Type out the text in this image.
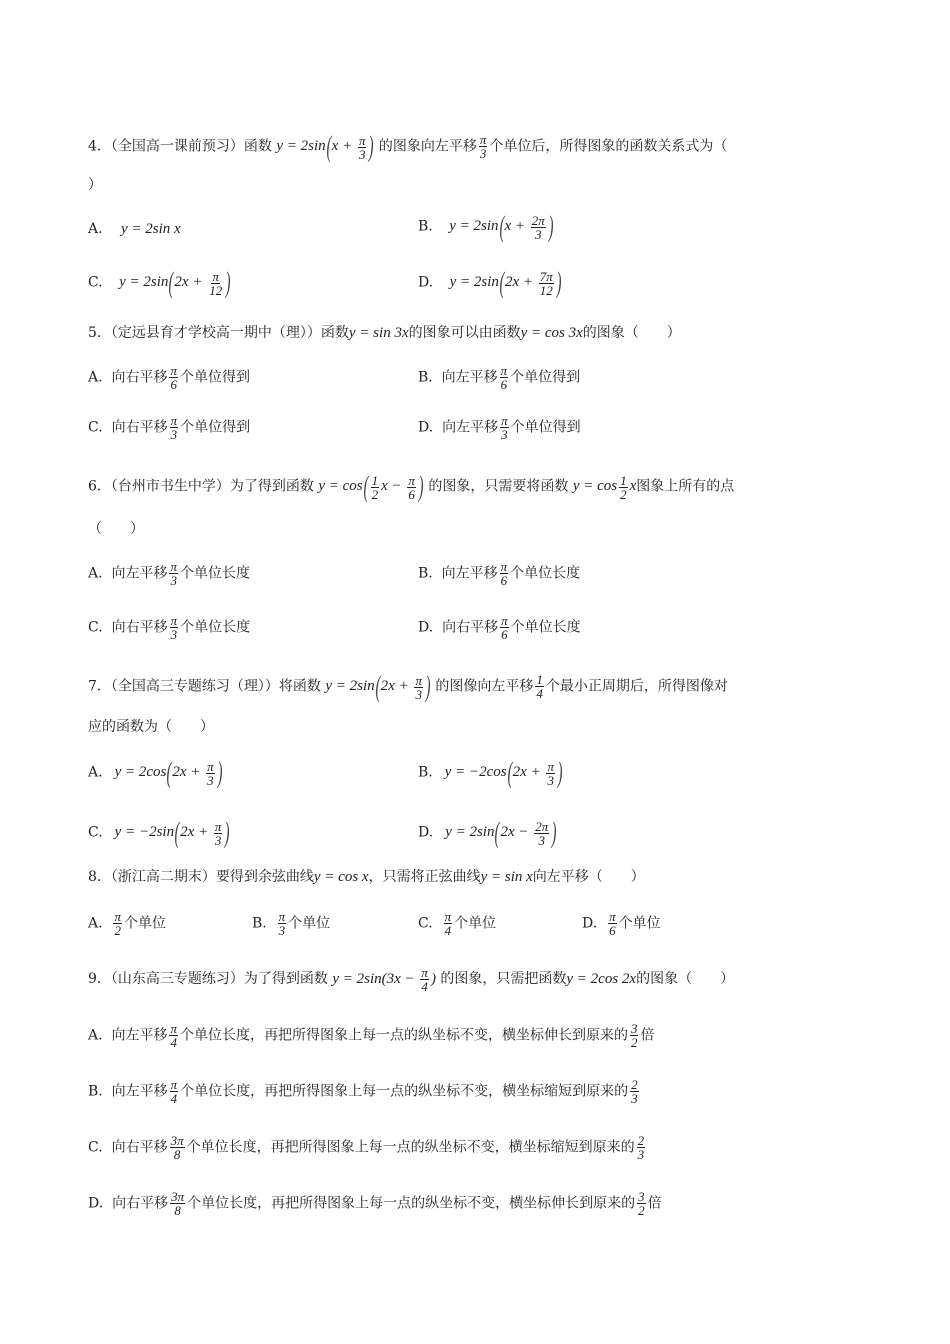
4．（全国高一课前预习）函数 $y = 2\sin(x + \frac{\pi}{3}$ ) 的图象向左平移 $\frac{\pi}{3}$ 个单位后，所得图象的函数关系式为（
）
A. y = 2sin x	B. $y = 2\sin(x + \frac{2\pi}{3}$ )
C. $y = 2\sin(2x + \frac{\pi}{12}$ )	D. $y = 2\sin(2x + \frac{7\pi}{12}$ )
5．（定远县育才学校高一期中（理））函数y = sin 3x的图象可以由函数y = cos 3x的图象（　　）
A. 向右平移 $\frac{\pi}{6}$ 个单位得到	B. 向左平移 $\frac{\pi}{6}$ 个单位得到
C. 向右平移 $\frac{\pi}{3}$ 个单位得到	D. 向左平移 $\frac{\pi}{3}$ 个单位得到
6．（台州市书生中学）为了得到函数 $y = \cos( \frac{1}{2}$ $x - \frac{\pi}{6}$ ) 的图象，只需要将函数 $y = \cos \frac{1}{2}$ x图象上所有的点
（　　）
A. 向左平移 $\frac{\pi}{3}$ 个单位长度	B. 向左平移 $\frac{\pi}{6}$ 个单位长度
C. 向右平移 $\frac{\pi}{3}$ 个单位长度	D. 向右平移 $\frac{\pi}{6}$ 个单位长度
7．（全国高三专题练习（理））将函数 $y = 2\sin(2x + \frac{\pi}{3}$ ) 的图像向左平移 $\frac{1}{4}$ 个最小正周期后，所得图像对
应的函数为（　　）
A. $y = 2\cos(2x + \frac{\pi}{3}$ )	B. $y = -2\cos(2x + \frac{\pi}{3}$ )
C. $y = -2\sin(2x + \frac{\pi}{3}$ )	D. $y = 2\sin(2x - \frac{2\pi}{3}$ )
8．（浙江高二期末）要得到余弦曲线y = cos x，只需将正弦曲线y = sin x向左平移（　　）
A. $\frac{\pi}{2}$ 个单位	B. $\frac{\pi}{3}$ 个单位	C. $\frac{\pi}{4}$ 个单位	D. $\frac{\pi}{6}$ 个单位
9．（山东高三专题练习）为了得到函数 $y = 2\sin(3x - \frac{\pi}{4}$ ) 的图象，只需把函数y = 2cos 2x的图象（　　）
A. 向左平移 $\frac{\pi}{4}$ 个单位长度，再把所得图象上每一点的纵坐标不变，横坐标伸长到原来的 $\frac{3}{2}$ 倍
B. 向左平移 $\frac{\pi}{4}$ 个单位长度，再把所得图象上每一点的纵坐标不变，横坐标缩短到原来的 $\frac{2}{3}$
C. 向右平移 $\frac{3\pi}{8}$ 个单位长度，再把所得图象上每一点的纵坐标不变，横坐标缩短到原来的 $\frac{2}{3}$
D. 向右平移 $\frac{3\pi}{8}$ 个单位长度，再把所得图象上每一点的纵坐标不变，横坐标伸长到原来的 $\frac{3}{2}$ 倍
